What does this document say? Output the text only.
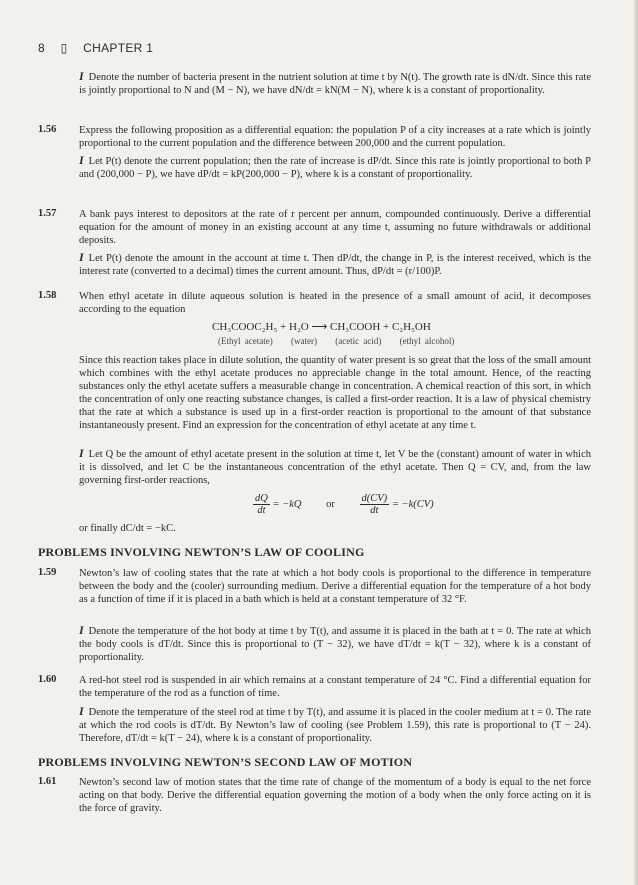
8 ▯ CHAPTER 1
I Denote the number of bacteria present in the nutrient solution at time t by N(t). The growth rate is dN/dt. Since this rate is jointly proportional to N and (M − N), we have dN/dt = kN(M − N), where k is a constant of proportionality.
1.56 Express the following proposition as a differential equation: the population P of a city increases at a rate which is jointly proportional to the current population and the difference between 200,000 and the current population.
I Let P(t) denote the current population; then the rate of increase is dP/dt. Since this rate is jointly proportional to both P and (200,000 − P), we have dP/dt = kP(200,000 − P), where k is a constant of proportionality.
1.57 A bank pays interest to depositors at the rate of r percent per annum, compounded continuously. Derive a differential equation for the amount of money in an existing account at any time t, assuming no future withdrawals or additional deposits.
I Let P(t) denote the amount in the account at time t. Then dP/dt, the change in P, is the interest received, which is the interest rate (converted to a decimal) times the current amount. Thus, dP/dt = (r/100)P.
1.58 When ethyl acetate in dilute aqueous solution is heated in the presence of a small amount of acid, it decomposes according to the equation
CH₃COOC₂H₅ + H₂O ⟶ CH₃COOH + C₂H₅OH
(Ethyl acetate) (water) (acetic acid) (ethyl alcohol)
Since this reaction takes place in dilute solution, the quantity of water present is so great that the loss of the small amount which combines with the ethyl acetate produces no appreciable change in the total amount. Hence, of the reacting substances only the ethyl acetate suffers a measurable change in concentration. A chemical reaction of this sort, in which the concentration of only one reacting substance changes, is called a first-order reaction. It is a law of physical chemistry that the rate at which a substance is used up in a first-order reaction is proportional to the amount of that substance instantaneously present. Find an expression for the concentration of ethyl acetate at any time t.
I Let Q be the amount of ethyl acetate present in the solution at time t, let V be the (constant) amount of water in which it is dissolved, and let C be the instantaneous concentration of the ethyl acetate. Then Q = CV, and, from the law governing first-order reactions,
$\frac{dQ}{dt} = -kQ$ or $\frac{d(CV)}{dt} = -k(CV)$
or finally dC/dt = −kC.
PROBLEMS INVOLVING NEWTON’S LAW OF COOLING
1.59 Newton’s law of cooling states that the rate at which a hot body cools is proportional to the difference in temperature between the body and the (cooler) surrounding medium. Derive a differential equation for the temperature of a hot body as a function of time if it is placed in a bath which is held at a constant temperature of 32 °F.
I Denote the temperature of the hot body at time t by T(t), and assume it is placed in the bath at t = 0. The rate at which the body cools is dT/dt. Since this is proportional to (T − 32), we have dT/dt = k(T − 32), where k is a constant of proportionality.
1.60 A red-hot steel rod is suspended in air which remains at a constant temperature of 24 °C. Find a differential equation for the temperature of the rod as a function of time.
I Denote the temperature of the steel rod at time t by T(t), and assume it is placed in the cooler medium at t = 0. The rate at which the rod cools is dT/dt. By Newton’s law of cooling (see Problem 1.59), this rate is proportional to (T − 24). Therefore, dT/dt = k(T − 24), where k is a constant of proportionality.
PROBLEMS INVOLVING NEWTON’S SECOND LAW OF MOTION
1.61 Newton’s second law of motion states that the time rate of change of the momentum of a body is equal to the net force acting on that body. Derive the differential equation governing the motion of a body when the only force acting on it is the force of gravity.
